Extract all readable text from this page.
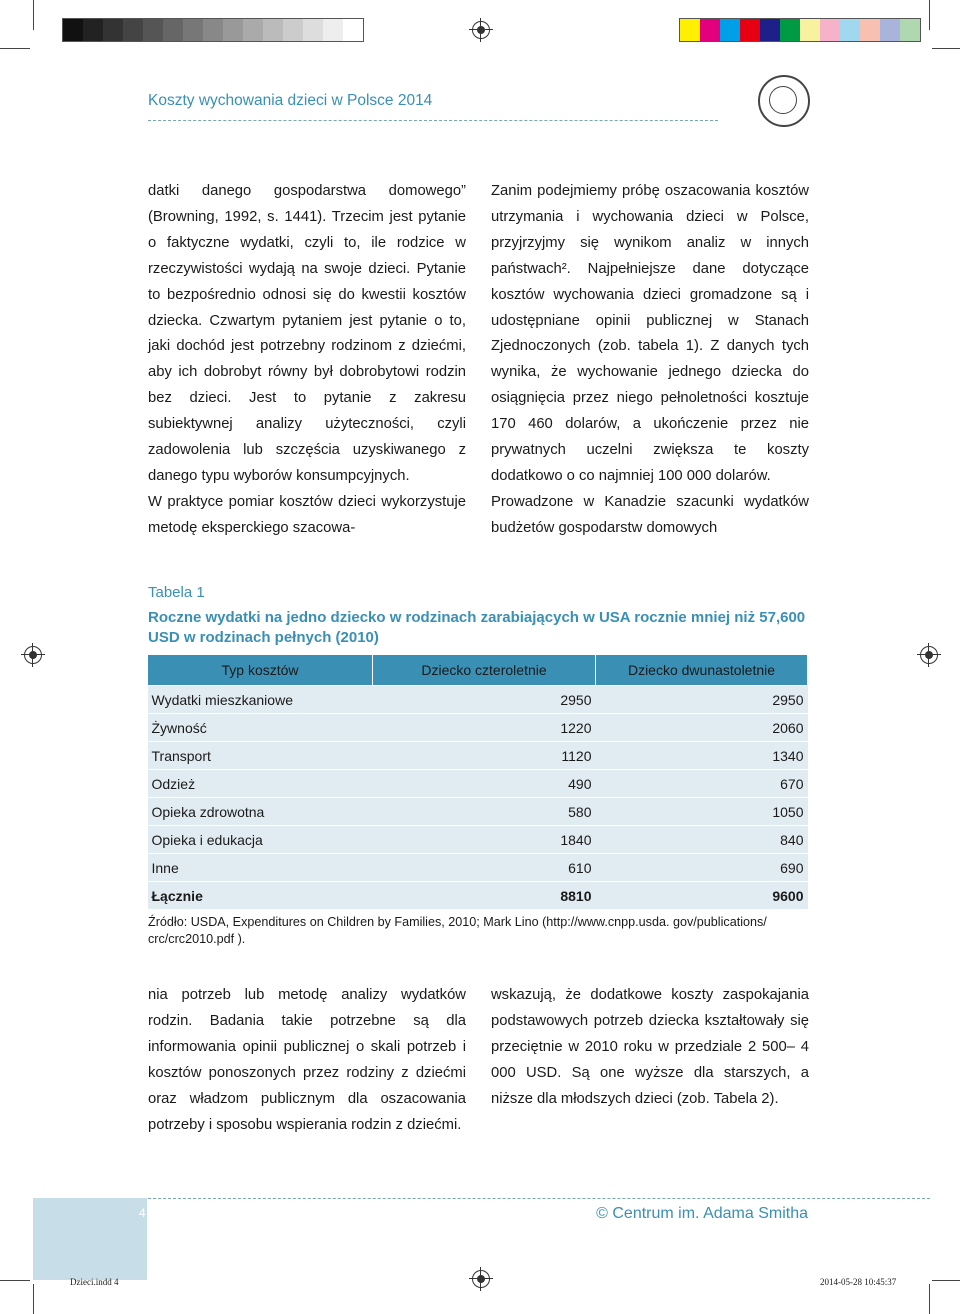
Koszty wychowania dzieci w Polsce 2014

datki danego gospodarstwa domowego” (Browning, 1992, s. 1441). Trzecim jest pytanie o faktyczne wydatki, czyli to, ile rodzice w rzeczywistości wydają na swoje dzieci. Pytanie to bezpośrednio odnosi się do kwestii kosztów dziecka. Czwartym pytaniem jest pytanie o to, jaki dochód jest potrzebny rodzinom z dziećmi, aby ich dobrobyt równy był dobrobytowi rodzin bez dzieci. Jest to pytanie z zakresu subiektywnej analizy użyteczności, czyli zadowolenia lub szczęścia uzyskiwanego z danego typu wyborów konsumpcyjnych.

W praktyce pomiar kosztów dzieci wykorzystuje metodę eksperckiego szacowa-

Zanim podejmiemy próbę oszacowania kosztów utrzymania i wychowania dzieci w Polsce, przyjrzyjmy się wynikom analiz w innych państwach². Najpełniejsze dane dotyczące kosztów wychowania dzieci gromadzone są i udostępniane opinii publicznej w Stanach Zjednoczonych (zob. tabela 1). Z danych tych wynika, że wychowanie jednego dziecka do osiągnięcia przez niego pełnoletności kosztuje 170 460 dolarów, a ukończenie przez nie prywatnych uczelni zwiększa te koszty dodatkowo o co najmniej 100 000 dolarów.

Prowadzone w Kanadzie szacunki wydatków budżetów gospodarstw domowych

Tabela 1
Roczne wydatki na jedno dziecko w rodzinach zarabiających w USA rocznie mniej niż 57,600 USD w rodzinach pełnych (2010)
Typ kosztów	Dziecko czteroletnie	Dziecko dwunastoletnie
Wydatki mieszkaniowe	2950	2950
Żywność	1220	2060
Transport	1120	1340
Odzież	490	670
Opieka zdrowotna	580	1050
Opieka i edukacja	1840	840
Inne	610	690
Łącznie	8810	9600
Źródło: USDA, Expenditures on Children by Families, 2010; Mark Lino (http://www.cnpp.usda. gov/publications/ crc/crc2010.pdf ).

nia potrzeb lub metodę analizy wydatków rodzin. Badania takie potrzebne są dla informowania opinii publicznej o skali potrzeb i kosztów ponoszonych przez rodziny z dziećmi oraz władzom publicznym dla oszacowania potrzeby i sposobu wspierania rodzin z dziećmi.

wskazują, że dodatkowe koszty zaspokajania podstawowych potrzeb dziecka kształtowały się przeciętnie w 2010 roku w przedziale 2 500– 4 000 USD. Są one wyższe dla starszych, a niższe dla młodszych dzieci (zob. Tabela 2).

4	© Centrum im. Adama Smitha
Dzieci.indd 4	2014-05-28 10:45:37
